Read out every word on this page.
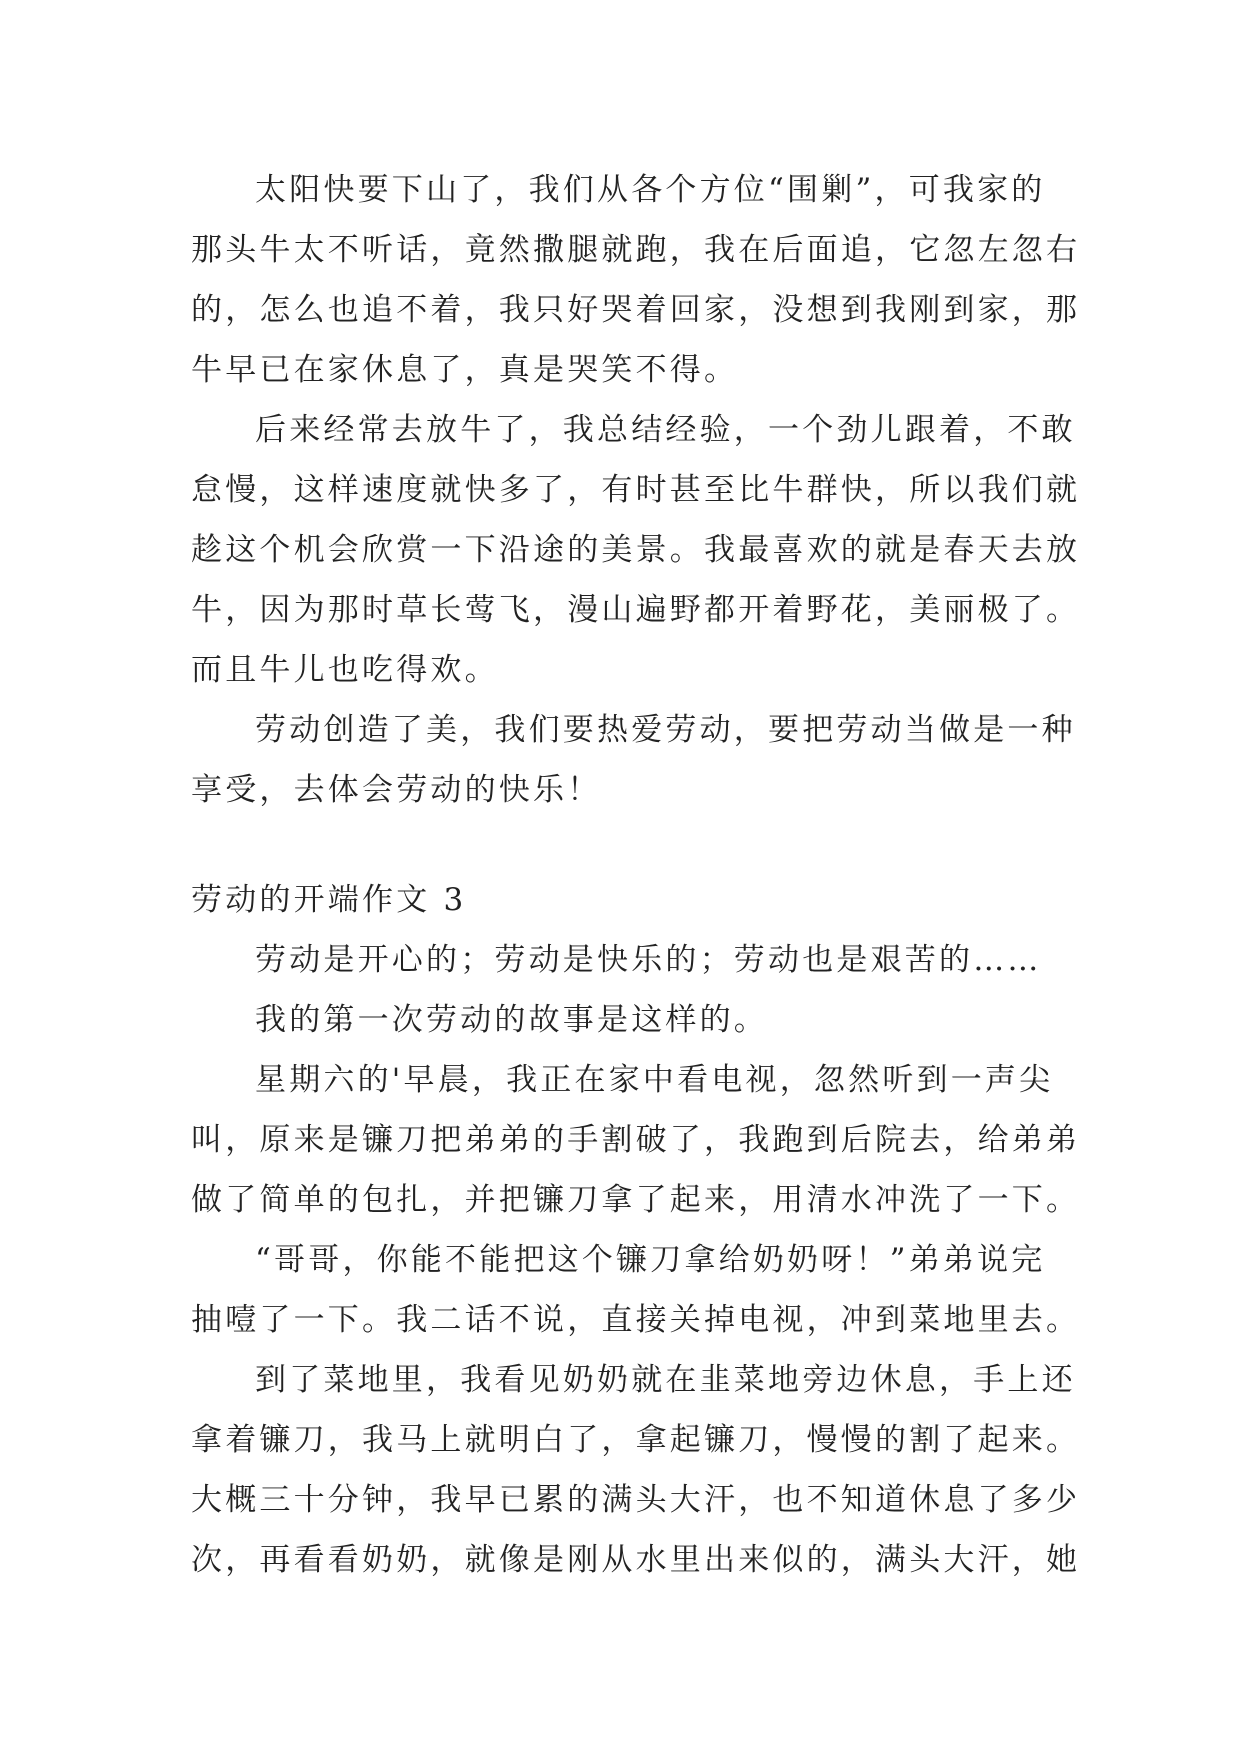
太阳快要下山了，我们从各个方位“围剿”，可我家的
那头牛太不听话，竟然撒腿就跑，我在后面追，它忽左忽右
的，怎么也追不着，我只好哭着回家，没想到我刚到家，那
牛早已在家休息了，真是哭笑不得。
后来经常去放牛了，我总结经验，一个劲儿跟着，不敢
怠慢，这样速度就快多了，有时甚至比牛群快，所以我们就
趁这个机会欣赏一下沿途的美景。我最喜欢的就是春天去放
牛，因为那时草长莺飞，漫山遍野都开着野花，美丽极了。
而且牛儿也吃得欢。
劳动创造了美，我们要热爱劳动，要把劳动当做是一种
享受，去体会劳动的快乐！
劳动的开端作文 3
劳动是开心的；劳动是快乐的；劳动也是艰苦的……
我的第一次劳动的故事是这样的。
星期六的'早晨，我正在家中看电视，忽然听到一声尖
叫，原来是镰刀把弟弟的手割破了，我跑到后院去，给弟弟
做了简单的包扎，并把镰刀拿了起来，用清水冲洗了一下。
“哥哥，你能不能把这个镰刀拿给奶奶呀！”弟弟说完
抽噎了一下。我二话不说，直接关掉电视，冲到菜地里去。
到了菜地里，我看见奶奶就在韭菜地旁边休息，手上还
拿着镰刀，我马上就明白了，拿起镰刀，慢慢的割了起来。
大概三十分钟，我早已累的满头大汗，也不知道休息了多少
次，再看看奶奶，就像是刚从水里出来似的，满头大汗，她
